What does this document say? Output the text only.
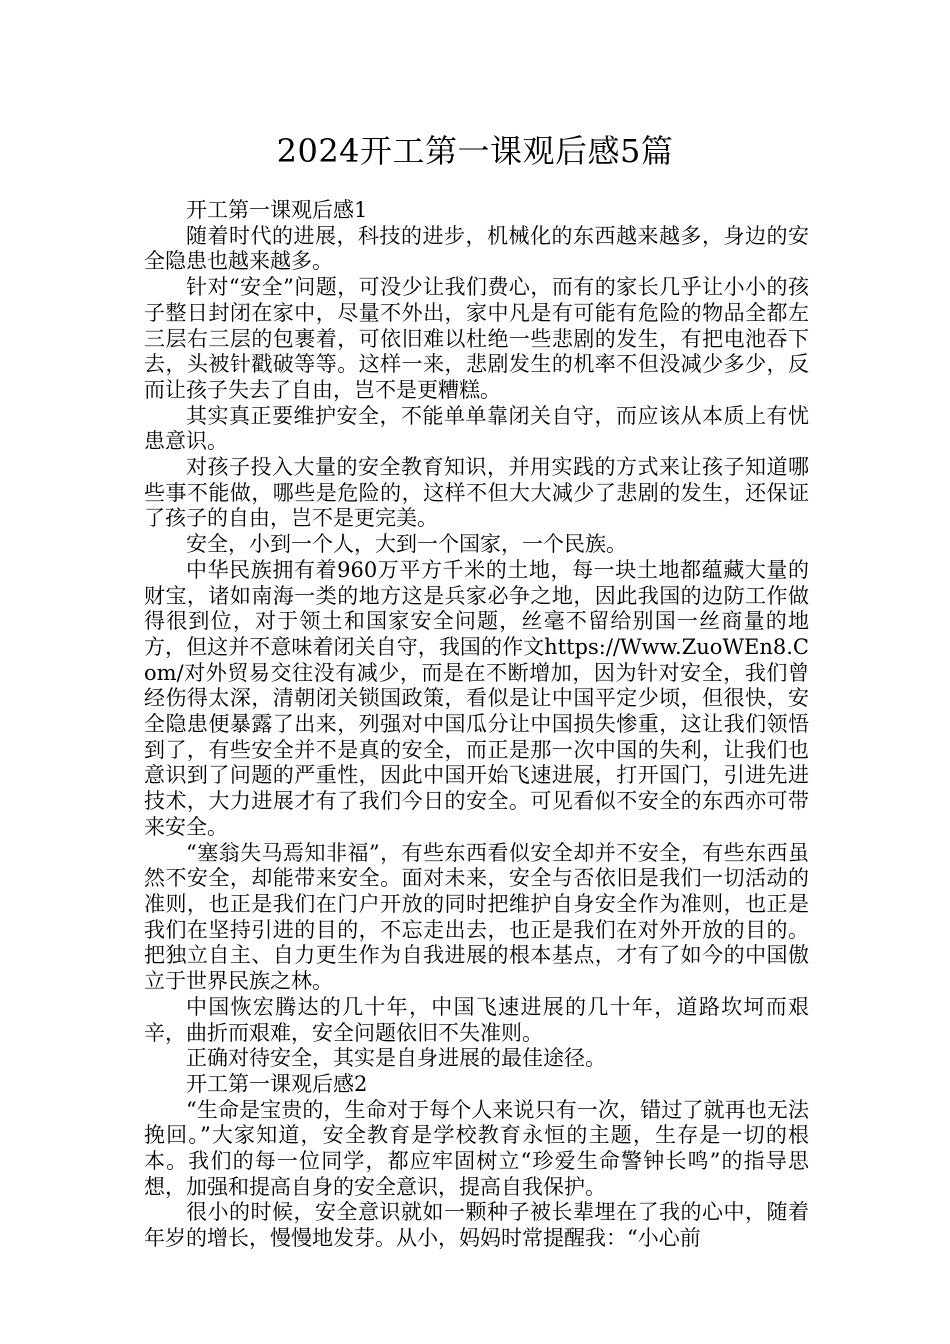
2024开工第一课观后感5篇

开工第一课观后感1

随着时代的进展，科技的进步，机械化的东西越来越多，身边的安全隐患也越来越多。

针对“安全”问题，可没少让我们费心，而有的家长几乎让小小的孩子整日封闭在家中，尽量不外出，家中凡是有可能有危险的物品全都左三层右三层的包裹着，可依旧难以杜绝一些悲剧的发生，有把电池吞下去，头被针戳破等等。这样一来，悲剧发生的机率不但没减少多少，反而让孩子失去了自由，岂不是更糟糕。

其实真正要维护安全，不能单单靠闭关自守，而应该从本质上有忧患意识。

对孩子投入大量的安全教育知识，并用实践的方式来让孩子知道哪些事不能做，哪些是危险的，这样不但大大减少了悲剧的发生，还保证了孩子的自由，岂不是更完美。

安全，小到一个人，大到一个国家，一个民族。

中华民族拥有着960万平方千米的土地，每一块土地都蕴藏大量的财宝，诸如南海一类的地方这是兵家必争之地，因此我国的边防工作做得很到位，对于领土和国家安全问题，丝毫不留给别国一丝商量的地方，但这并不意味着闭关自守，我国的作文https://Www.ZuoWEn8.Com/对外贸易交往没有减少，而是在不断增加，因为针对安全，我们曾经伤得太深，清朝闭关锁国政策，看似是让中国平定少顷，但很快，安全隐患便暴露了出来，列强对中国瓜分让中国损失惨重，这让我们领悟到了，有些安全并不是真的安全，而正是那一次中国的失利，让我们也意识到了问题的严重性，因此中国开始飞速进展，打开国门，引进先进技术，大力进展才有了我们今日的安全。可见看似不安全的东西亦可带来安全。

“塞翁失马焉知非福”，有些东西看似安全却并不安全，有些东西虽然不安全，却能带来安全。面对未来，安全与否依旧是我们一切活动的准则，也正是我们在门户开放的同时把维护自身安全作为准则，也正是我们在坚持引进的目的，不忘走出去，也正是我们在对外开放的目的。把独立自主、自力更生作为自我进展的根本基点，才有了如今的中国傲立于世界民族之林。

中国恢宏腾达的几十年，中国飞速进展的几十年，道路坎坷而艰辛，曲折而艰难，安全问题依旧不失准则。

正确对待安全，其实是自身进展的最佳途径。

开工第一课观后感2

“生命是宝贵的，生命对于每个人来说只有一次，错过了就再也无法挽回。”大家知道，安全教育是学校教育永恒的主题，生存是一切的根本。我们的每一位同学，都应牢固树立“珍爱生命警钟长鸣”的指导思想，加强和提高自身的安全意识，提高自我保护。

很小的时候，安全意识就如一颗种子被长辈埋在了我的心中，随着年岁的增长，慢慢地发芽。从小，妈妈时常提醒我：“小心前
